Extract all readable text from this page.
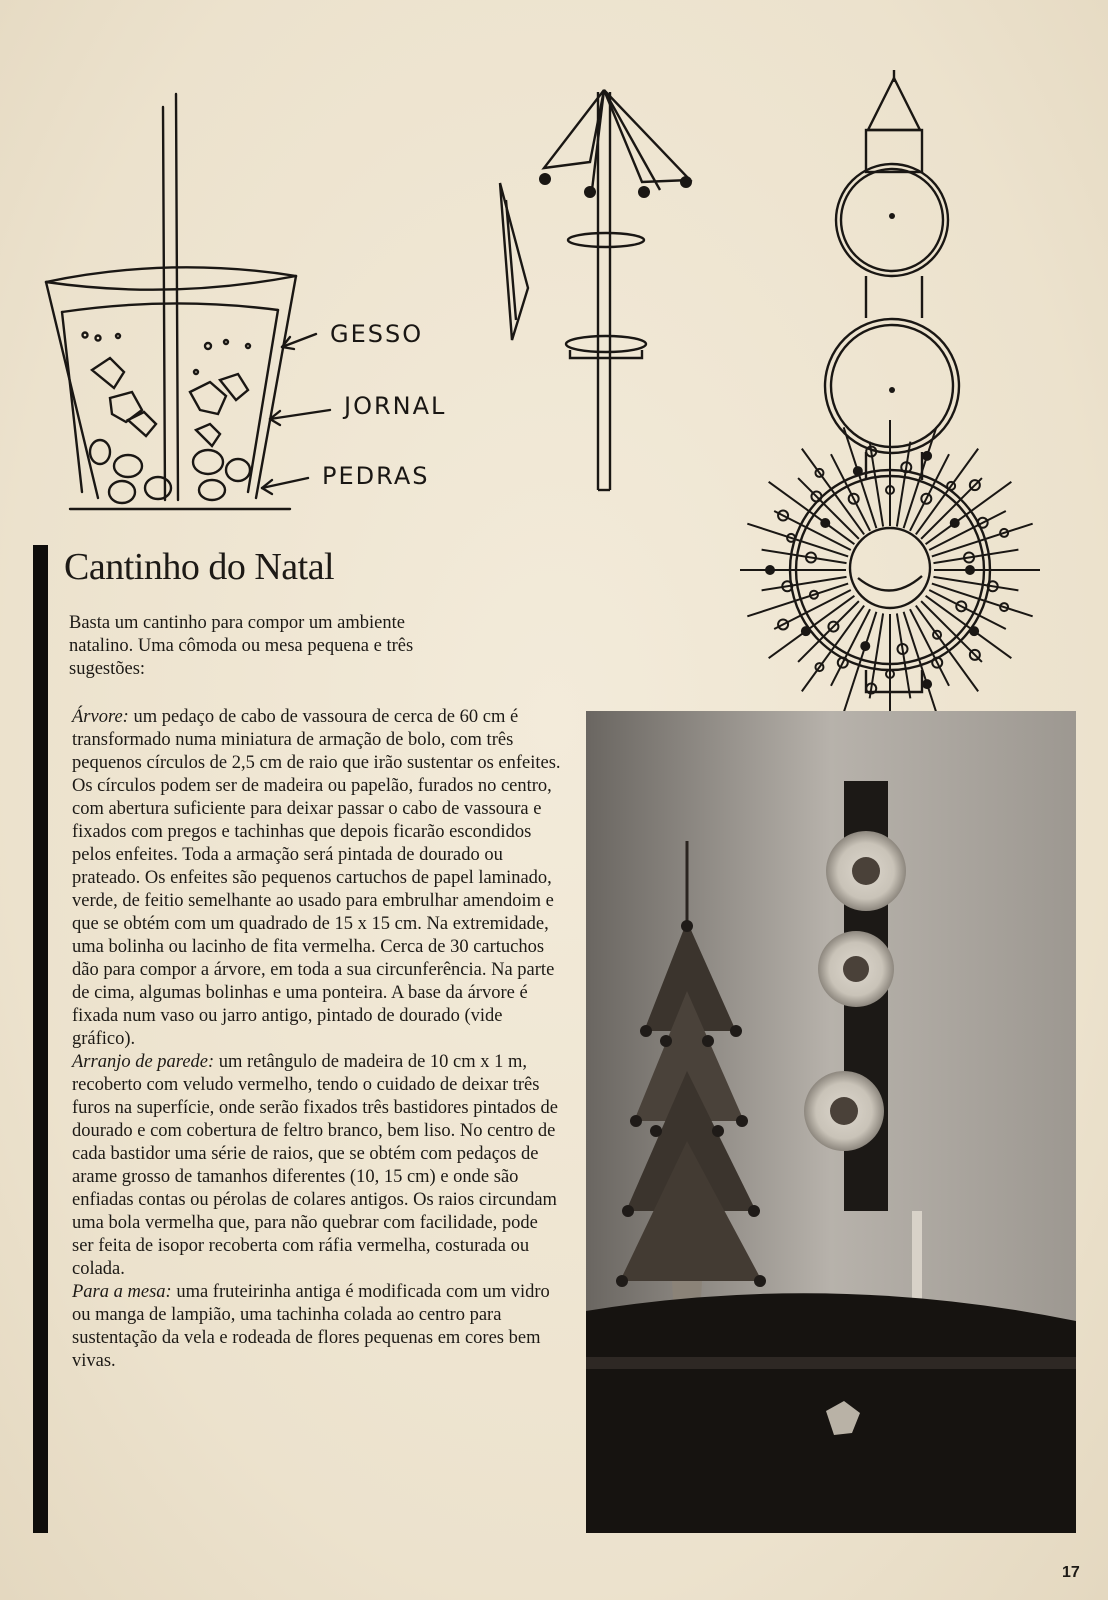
GESSO
JORNAL
PEDRAS
Cantinho do Natal

Basta um cantinho para compor um ambiente natalino. Uma cômoda ou mesa pequena e três sugestões:

Árvore: um pedaço de cabo de vassoura de cerca de 60 cm é transformado numa miniatura de armação de bolo, com três pequenos círculos de 2,5 cm de raio que irão sustentar os enfeites. Os círculos podem ser de madeira ou papelão, furados no centro, com abertura suficiente para deixar passar o cabo de vassoura e fixados com pregos e tachinhas que depois ficarão escondidos pelos enfeites. Toda a armação será pintada de dourado ou prateado. Os enfeites são pequenos cartuchos de papel laminado, verde, de feitio semelhante ao usado para embrulhar amendoim e que se obtém com um quadrado de 15 x 15 cm. Na extremidade, uma bolinha ou lacinho de fita vermelha. Cerca de 30 cartuchos dão para compor a árvore, em toda a sua circunferência. Na parte de cima, algumas bolinhas e uma ponteira. A base da árvore é fixada num vaso ou jarro antigo, pintado de dourado (vide gráfico).

Arranjo de parede: um retângulo de madeira de 10 cm x 1 m, recoberto com veludo vermelho, tendo o cuidado de deixar três furos na superfície, onde serão fixados três bastidores pintados de dourado e com cobertura de feltro branco, bem liso. No centro de cada bastidor uma série de raios, que se obtém com pedaços de arame grosso de tamanhos diferentes (10, 15 cm) e onde são enfiadas contas ou pérolas de colares antigos. Os raios circundam uma bola vermelha que, para não quebrar com facilidade, pode ser feita de isopor recoberta com ráfia vermelha, costurada ou colada.

Para a mesa: uma fruteirinha antiga é modificada com um vidro ou manga de lampião, uma tachinha colada ao centro para sustentação da vela e rodeada de flores pequenas em cores bem vivas.

17
